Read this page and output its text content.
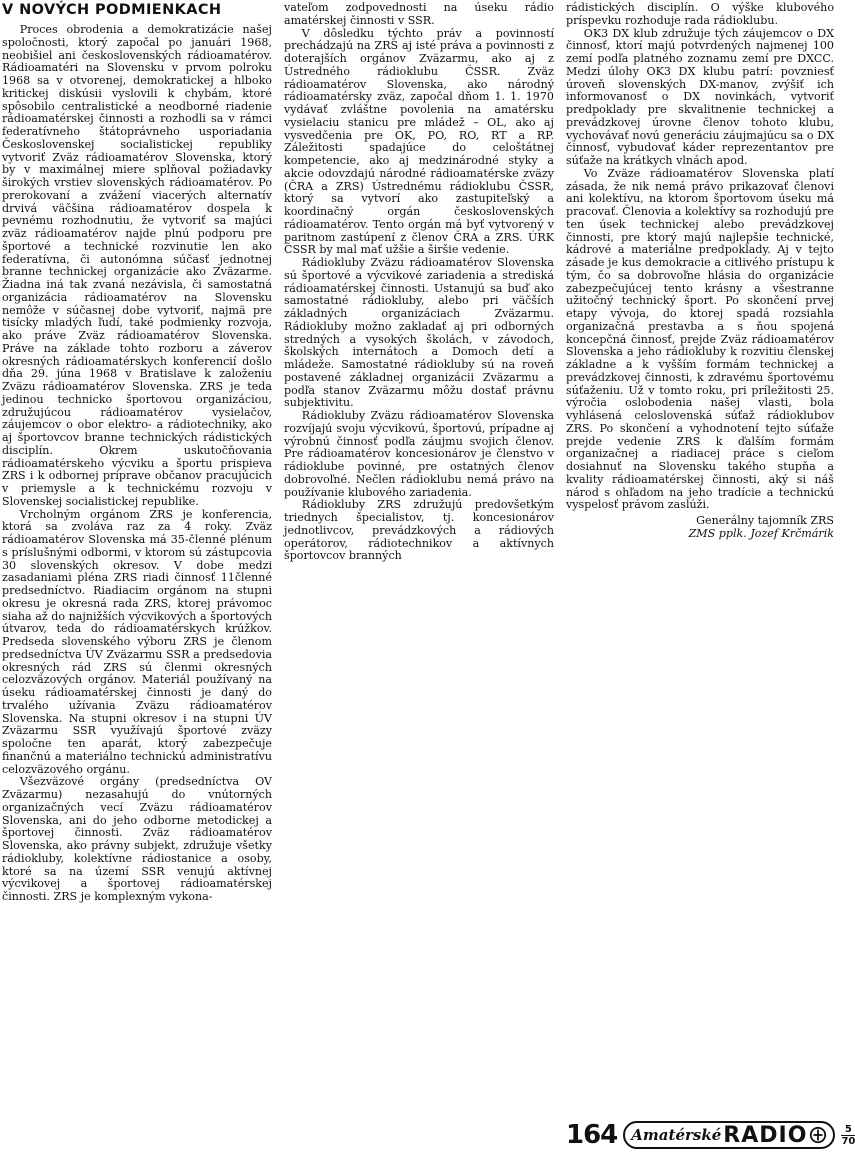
V NOVÝCH PODMIENKACH

Proces obrodenia a demokratizácie našej spoločnosti, ktorý započal po januári 1968, neobišiel ani československých rádioamatérov. Rádioamatéri na Slovensku v prvom polroku 1968 sa v otvorenej, demokratickej a hlboko kritickej diskúsii vyslovili k chybám, ktoré spôsobilo centralistické a neodborné riadenie rádioamatérskej činnosti a rozhodli sa v rámci federatívneho štátoprávneho usporiadania Československej socialistickej republiky vytvoriť Zväz rádioamatérov Slovenska, ktorý by v maximálnej miere splňoval požiadavky širokých vrstiev slovenských rádioamatérov. Po prerokovaní a zvážení viacerých alternatív drvivá väčšina rádioamatérov dospela k pevnému rozhodnutiu, že vytvoriť sa majúci zväz rádioamatérov najde plnú podporu pre športové a technické rozvinutie len ako federatívna, či autonómna súčasť jednotnej branne technickej organizácie ako Zväzarme. Žiadna iná tak zvaná nezávisla, či samostatná organizácia rádioamatérov na Slovensku nemôže v súčasnej dobe vytvoriť, najmä pre tisícky mladých ľudí, také podmienky rozvoja, ako práve Zväz rádioamatérov Slovenska. Práve na základe tohto rozboru a záverov okresných rádioamatérskych konferencií došlo dňa 29. júna 1968 v Bratislave k založeniu Zväzu rádioamatérov Slovenska. ZRS je teda jedinou technicko športovou organizáciou, združujúcou rádioamatérov vysielačov, záujemcov o obor elektro- a rádiotechniky, ako aj športovcov branne technických rádistických disciplín. Okrem uskutočňovania rádioamatérskeho výcviku a športu prispieva ZRS i k odbornej príprave občanov pracujúcich v priemysle a k technickému rozvoju v Slovenskej socialistickej republike.

Vrcholným orgánom ZRS je konferencia, ktorá sa zvoláva raz za 4 roky. Zväz rádioamatérov Slovenska má 35-členné plénum s príslušnými odbormi, v ktorom sú zástupcovia 30 slovenských okresov. V dobe medzi zasadaniami pléna ZRS riadi činnosť 11členné predsedníctvo. Riadiacim orgánom na stupni okresu je okresná rada ZRS, ktorej právomoc siaha až do najnižších výcvikových a športových útvarov, teda do rádioamatérskych krúžkov. Predseda slovenského výboru ZRS je členom predsedníctva ÚV Zväzarmu SSR a predsedovia okresných rád ZRS sú členmi okresných celozväzových orgánov. Materiál používaný na úseku rádioamatérskej činnosti je daný do trvalého užívania Zväzu rádioamatérov Slovenska. Na stupni okresov i na stupni ÚV Zväzarmu SSR využívajú športové zväzy spoločne ten aparát, ktorý zabezpečuje finančnú a materiálno technickú administratívu celozväzového orgánu.

Všezväzové orgány (predsedníctva OV Zväzarmu) nezasahujú do vnútorných organizačných vecí Zväzu rádioamatérov Slovenska, ani do jeho odborne metodickej a športovej činnosti. Zväz rádioamatérov Slovenska, ako právny subjekt, združuje všetky rádiokluby, kolektívne rádiostanice a osoby, ktoré sa na území SSR venujú aktívnej výcvikovej a športovej rádioamatérskej činnosti. ZRS je komplexným vykona-

vateľom zodpovednosti na úseku rádio amatérskej činnosti v SSR.

V dôsledku týchto práv a povinností prechádzajú na ZRS aj isté práva a povinnosti z doterajších orgánov Zväzarmu, ako aj z Ústredného rádioklubu ČSSR. Zväz rádioamatérov Slovenska, ako národný rádioamatérsky zväz, započal dňom 1. 1. 1970 vydávať zvláštne povolenia na amatérsku vysielaciu stanicu pre mládež – OL, ako aj vysvedčenia pre OK, PO, RO, RT a RP. Záležitosti spadajúce do celoštátnej kompetencie, ako aj medzinárodné styky a akcie odovzdajú národné rádioamatérske zväzy (ČRA a ZRS) Ústrednému rádioklubu ČSSR, ktorý sa vytvorí ako zastupiteľský a koordinačný orgán československých rádioamatérov. Tento orgán má byť vytvorený v paritnom zastúpení z členov ČRA a ZRS. ÚRK ČSSR by mal mať užšie a širšie vedenie.

Rádiokluby Zväzu rádioamatérov Slovenska sú športové a výcvikové zariadenia a strediská rádioamatérskej činnosti. Ustanujú sa buď ako samostatné rádiokluby, alebo pri väčších základných organizáciach Zväzarmu. Rádiokluby možno zakladať aj pri odborných stredných a vysokých školách, v závodoch, školských internátoch a Domoch detí a mládeže. Samostatné rádiokluby sú na roveň postavené základnej organizácii Zväzarmu a podľa stanov Zväzarmu môžu dostať právnu subjektivitu.

Rádiokluby Zväzu rádioamatérov Slovenska rozvíjajú svoju výcvikovú, športovú, prípadne aj výrobnú činnosť podľa záujmu svojich členov. Pre rádioamatérov koncesionárov je členstvo v rádioklube povinné, pre ostatných členov dobrovoľné. Nečlen rádioklubu nemá právo na používanie klubového zariadenia.

Rádiokluby ZRS združujú predovšetkým triednych špecialistov, tj. koncesionárov jednotlivcov, prevádzkových a rádiových operátorov, rádiotechnikov a aktívnych športovcov branných

rádistických disciplín. O výške klubového príspevku rozhoduje rada rádioklubu.

OK3 DX klub združuje tých záujemcov o DX činnosť, ktorí majú potvrdených najmenej 100 zemí podľa platného zoznamu zemí pre DXCC. Medzi úlohy OK3 DX klubu patrí: povzniesť úroveň slovenských DX-manov, zvýšiť ich informovanosť o DX novinkách, vytvoriť predpoklady pre skvalitnenie technickej a prevádzkovej úrovne členov tohoto klubu, vychovávať novú generáciu záujmajúcu sa o DX činnosť, vybudovať káder reprezentantov pre súťaže na krátkych vlnách apod.

Vo Zväze rádioamatérov Slovenska platí zásada, že nik nemá právo prikazovať členovi ani kolektívu, na ktorom športovom úseku má pracovať. Členovia a kolektívy sa rozhodujú pre ten úsek technickej alebo prevádzkovej činnosti, pre ktorý majú najlepšie technické, kádrové a materiálne predpoklady. Aj v tejto zásade je kus demokracie a citlivého prístupu k tým, čo sa dobrovoľne hlásia do organizácie zabezpečujúcej tento krásny a všestranne užitočný technický šport. Po skončení prvej etapy vývoja, do ktorej spadá rozsiahla organizačná prestavba a s ňou spojená koncepčná činnosť, prejde Zväz rádioamatérov Slovenska a jeho rádiokluby k rozvitiu členskej základne a k vyšším formám technickej a prevádzkovej činnosti, k zdravému športovému súťaženiu. Už v tomto roku, pri príležitosti 25. výročia oslobodenia našej vlasti, bola vyhlásená celoslovenská súťaž rádioklubov ZRS. Po skončení a vyhodnotení tejto súťaže prejde vedenie ZRS k ďalším formám organizačnej a riadiacej práce s cieľom dosiahnuť na Slovensku takého stupňa a kvality rádioamatérskej činnosti, aký si náš národ s ohľadom na jeho tradície a technickú vyspelosť právom zaslúži.

Generálny tajomník ZRS
ZMS pplk. Jozef Krčmárik
164 Amatérské RADIO	5
70
